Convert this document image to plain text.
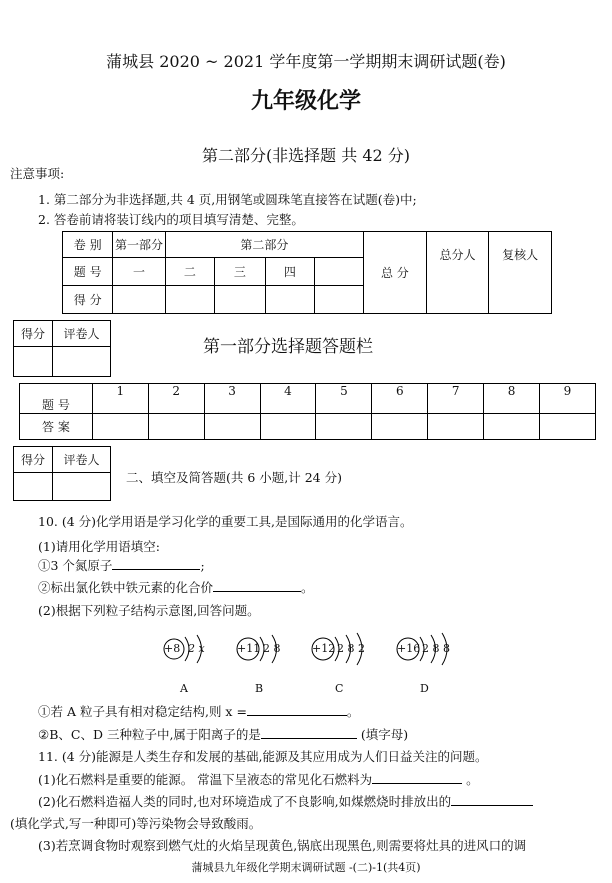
蒲城县 2020 ~ 2021 学年度第一学期期末调研试题(卷)
九年级化学
第二部分(非选择题 共 42 分)
注意事项:
1. 第二部分为非选择题,共 4 页,用钢笔或圆珠笔直接答在试题(卷)中;
2. 答卷前请将装订线内的项目填写清楚、完整。
卷 别	第一部分	第二部分				总 分	总分人	复核人
题 号	一	二	三	四				
得 分								
得分	评卷人

第一部分选择题答题栏
题 号	1	2	3	4	5	6	7	8	9
答 案									
得分	评卷人

二、填空及简答题(共 6 小题,计 24 分)
10. (4 分)化学用语是学习化学的重要工具,是国际通用的化学语言。
(1)请用化学用语填空:
①3 个氮原子	;
②标出氯化铁中铁元素的化合价	。
(2)根据下列粒子结构示意图,回答问题。
+8 2 x
A
+11 2 8
B
+12 2 8 2
C
+16 2 8 8
D
①若 A 粒子具有相对稳定结构,则 x =	。
②B、C、D 三种粒子中,属于阳离子的是	(填字母)
11. (4 分)能源是人类生存和发展的基础,能源及其应用成为人们日益关注的问题。
(1)化石燃料是重要的能源。 常温下呈液态的常见化石燃料为	。
(2)化石燃料造福人类的同时,也对环境造成了不良影响,如煤燃烧时排放出的
(填化学式,写一种即可)等污染物会导致酸雨。
(3)若烹调食物时观察到燃气灶的火焰呈现黄色,锅底出现黑色,则需要将灶具的进风口的调
蒲城县九年级化学期末调研试题 -(二)-1(共4页)
